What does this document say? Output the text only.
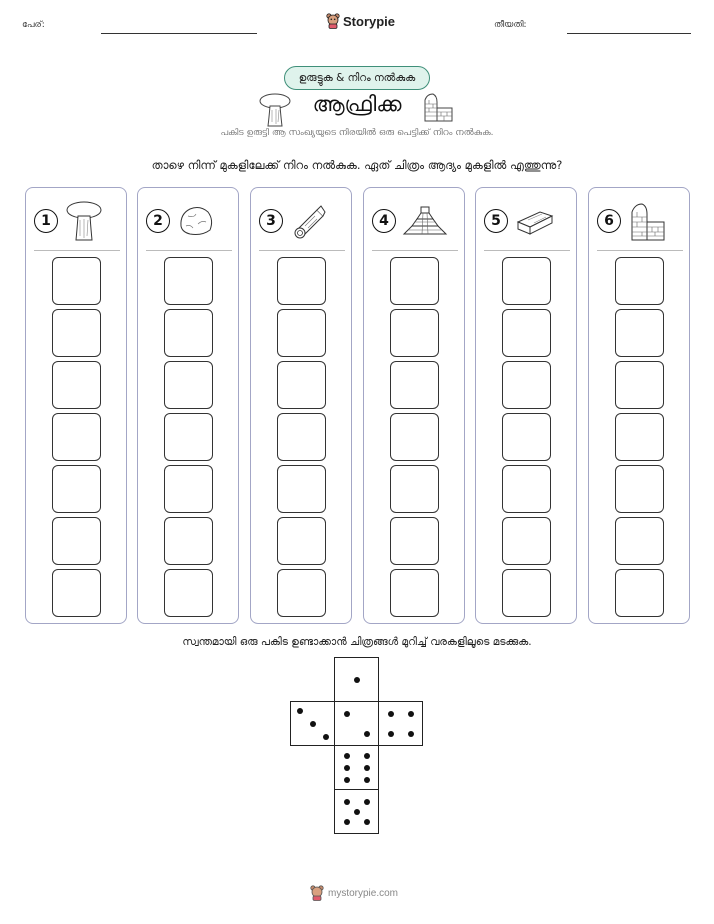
പേര്:	Storypie	തീയതി:
ഉരുട്ടുക & നിറം നൽകുക
ആഫ്രിക്ക
പകിട ഉരുട്ടി ആ സംഖ്യയുടെ നിരയിൽ ഒരു പെട്ടിക്ക് നിറം നൽകുക.
താഴെ നിന്ന് മുകളിലേക്ക് നിറം നൽകുക. ഏത് ചിത്രം ആദ്യം മുകളിൽ എത്തുന്നു?
1	2	3	4	5	6
സ്വന്തമായി ഒരു പകിട ഉണ്ടാക്കാൻ ചിത്രങ്ങൾ മുറിച്ച് വരകളിലൂടെ മടക്കുക.
mystorypie.com
